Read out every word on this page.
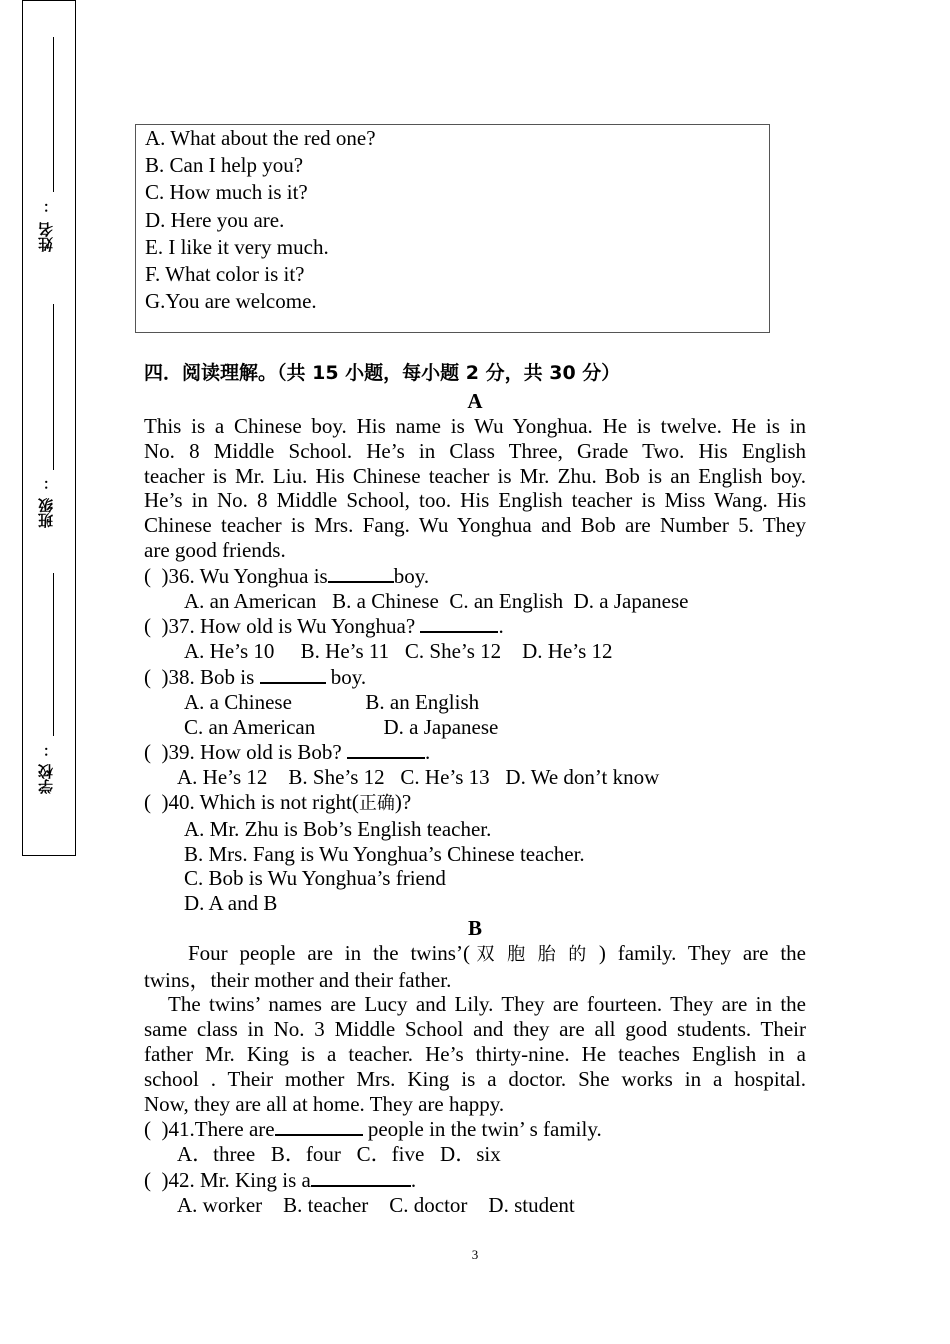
：
姓名
：
班级
：
学校
A. What about the red one?
B. Can I help you?
C. How much is it?
D. Here you are.
E. I like it very much.
F. What color is it?
G.You are welcome.
四．阅读理解。（共 15 小题，每小题 2 分，共 30 分）
A
This is a Chinese boy. His name is Wu Yonghua. He is twelve. He is in
No. 8 Middle School. He’s in Class Three, Grade Two. His English
teacher is Mr. Liu. His Chinese teacher is Mr. Zhu. Bob is an English boy.
He’s in No. 8 Middle School, too. His English teacher is Miss Wang. His
Chinese teacher is Mrs. Fang. Wu Yonghua and Bob are Number 5. They
are good friends.
(  )36. Wu Yonghua is	boy.
A. an American   B. a Chinese  C. an English  D. a Japanese
(  )37. How old is Wu Yonghua?	.
A. He’s 10     B. He’s 11   C. She’s 12    D. He’s 12
(  )38. Bob is	boy.
A. a Chinese              B. an English
C. an American             D. a Japanese
(  )39. How old is Bob?	.
A. He’s 12    B. She’s 12   C. He’s 13   D. We don’t know
(  )40. Which is not right(正确)?
A. Mr. Zhu is Bob’s English teacher.
B. Mrs. Fang is Wu Yonghua’s Chinese teacher.
C. Bob is Wu Yonghua’s friend
D. A and B
B
Four people are in the twins’(双胞胎的) family. They are the
twins，their mother and their father.
The twins’ names are Lucy and Lily. They are fourteen. They are in the
same class in No. 3 Middle School and they are all good students. Their
father Mr. King is a teacher. He’s thirty-nine. He teaches English in a
school . Their mother Mrs. King is a doctor. She works in a hospital.
Now, they are all at home. They are happy.
(  )41.There are	people in the twin’ s family.
A．three   B．four   C．five   D．six
(  )42. Mr. King is a	.
A. worker    B. teacher    C. doctor    D. student
3
